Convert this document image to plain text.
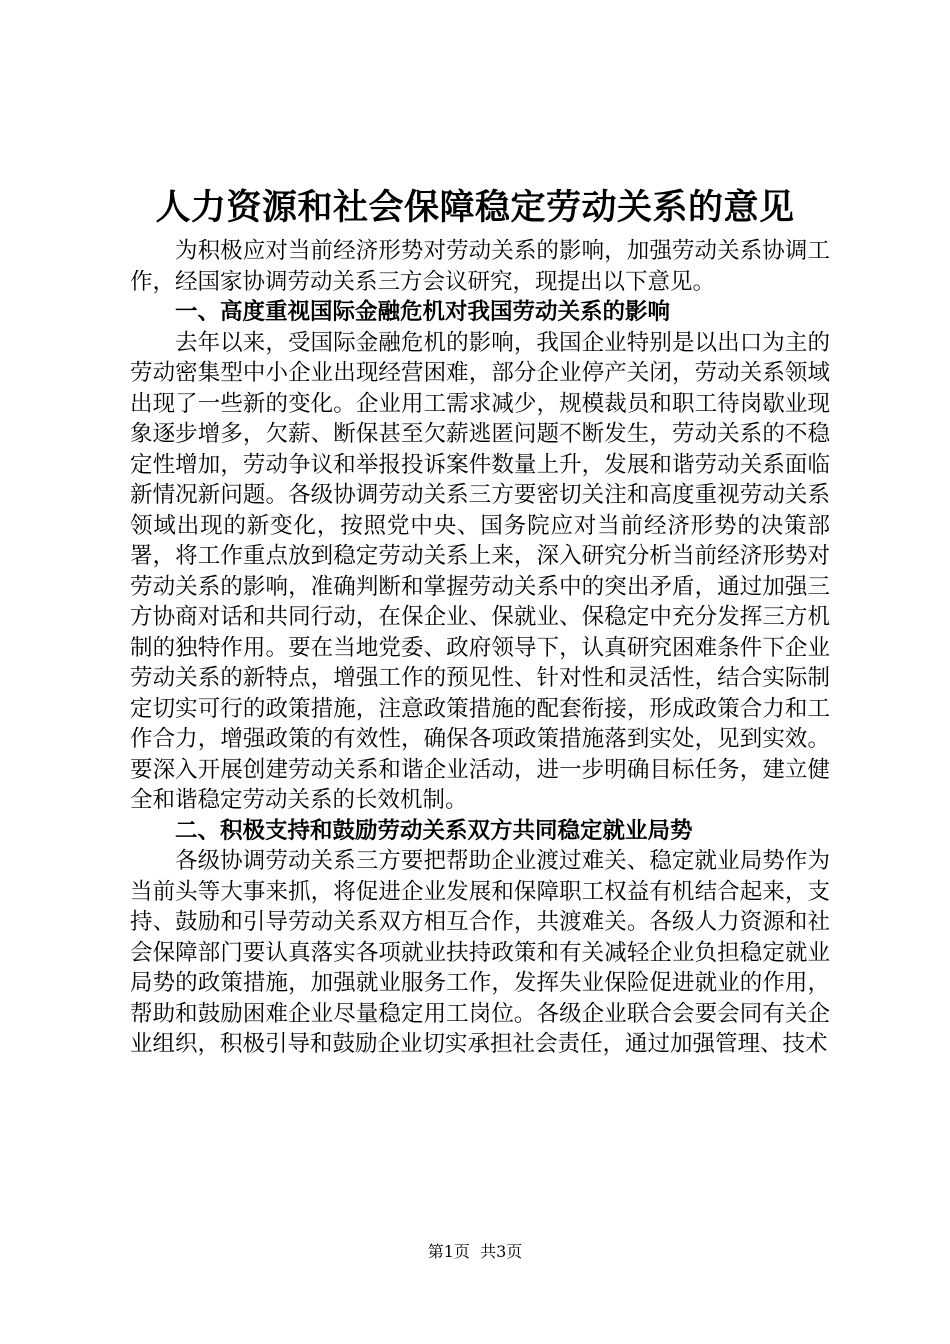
人力资源和社会保障稳定劳动关系的意见

为积极应对当前经济形势对劳动关系的影响，加强劳动关系协调工作，经国家协调劳动关系三方会议研究，现提出以下意见。

一、高度重视国际金融危机对我国劳动关系的影响

去年以来，受国际金融危机的影响，我国企业特别是以出口为主的劳动密集型中小企业出现经营困难，部分企业停产关闭，劳动关系领域出现了一些新的变化。企业用工需求减少，规模裁员和职工待岗歇业现象逐步增多，欠薪、断保甚至欠薪逃匿问题不断发生，劳动关系的不稳定性增加，劳动争议和举报投诉案件数量上升，发展和谐劳动关系面临新情况新问题。各级协调劳动关系三方要密切关注和高度重视劳动关系领域出现的新变化，按照党中央、国务院应对当前经济形势的决策部署，将工作重点放到稳定劳动关系上来，深入研究分析当前经济形势对劳动关系的影响，准确判断和掌握劳动关系中的突出矛盾，通过加强三方协商对话和共同行动，在保企业、保就业、保稳定中充分发挥三方机制的独特作用。要在当地党委、政府领导下，认真研究困难条件下企业劳动关系的新特点，增强工作的预见性、针对性和灵活性，结合实际制定切实可行的政策措施，注意政策措施的配套衔接，形成政策合力和工作合力，增强政策的有效性，确保各项政策措施落到实处，见到实效。要深入开展创建劳动关系和谐企业活动，进一步明确目标任务，建立健全和谐稳定劳动关系的长效机制。

二、积极支持和鼓励劳动关系双方共同稳定就业局势

各级协调劳动关系三方要把帮助企业渡过难关、稳定就业局势作为当前头等大事来抓，将促进企业发展和保障职工权益有机结合起来，支持、鼓励和引导劳动关系双方相互合作，共渡难关。各级人力资源和社会保障部门要认真落实各项就业扶持政策和有关减轻企业负担稳定就业局势的政策措施，加强就业服务工作，发挥失业保险促进就业的作用，帮助和鼓励困难企业尽量稳定用工岗位。各级企业联合会要会同有关企业组织，积极引导和鼓励企业切实承担社会责任，通过加强管理、技术

第1页  共3页
